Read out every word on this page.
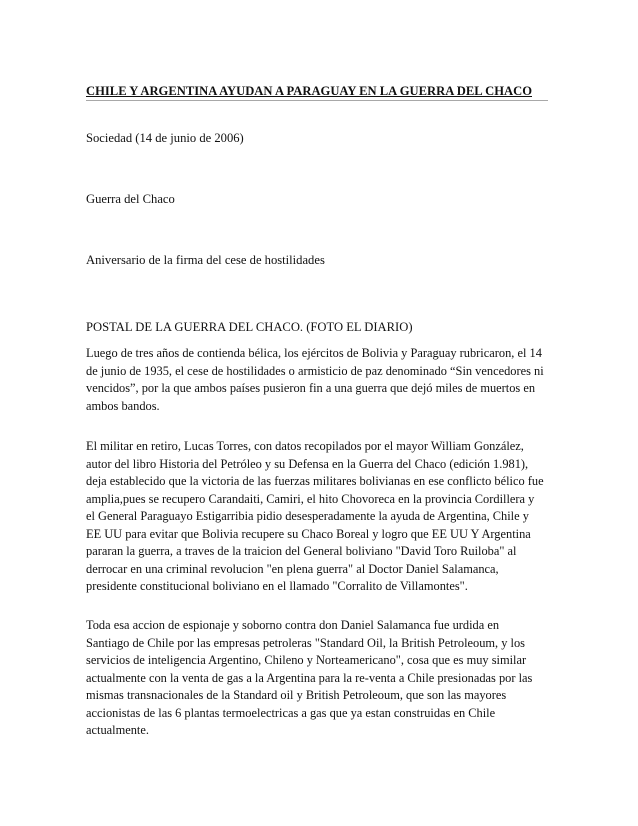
CHILE Y ARGENTINA AYUDAN A PARAGUAY EN LA GUERRA DEL CHACO
Sociedad (14 de junio de 2006)
Guerra del Chaco
Aniversario de la firma del cese de hostilidades
POSTAL DE LA GUERRA DEL CHACO. (FOTO EL DIARIO)
Luego de tres años de contienda bélica, los ejércitos de Bolivia y Paraguay rubricaron, el 14
de junio de 1935, el cese de hostilidades o armisticio de paz denominado “Sin vencedores ni
vencidos”, por la que ambos países pusieron fin a una guerra que dejó miles de muertos en
ambos bandos.
El militar en retiro, Lucas Torres, con datos recopilados por el mayor William González,
autor del libro Historia del Petróleo y su Defensa en la Guerra del Chaco (edición 1.981),
deja establecido que la victoria de las fuerzas militares bolivianas en ese conflicto bélico fue
amplia,pues se recupero Carandaiti, Camiri, el hito Chovoreca en la provincia Cordillera y
el General Paraguayo Estigarribia pidio desesperadamente la ayuda de Argentina, Chile y
EE UU para evitar que Bolivia recupere su Chaco Boreal y logro que EE UU Y Argentina
pararan la guerra, a traves de la traicion del General boliviano "David Toro Ruiloba" al
derrocar en una criminal revolucion "en plena guerra" al Doctor Daniel Salamanca,
presidente constitucional boliviano en el llamado "Corralito de Villamontes".
Toda esa accion de espionaje y soborno contra don Daniel Salamanca fue urdida en
Santiago de Chile por las empresas petroleras "Standard Oil, la British Petroleoum, y los
servicios de inteligencia Argentino, Chileno y Norteamericano", cosa que es muy similar
actualmente con la venta de gas a la Argentina para la re-venta a Chile presionadas por las
mismas transnacionales de la Standard oil y British Petroleoum, que son las mayores
accionistas de las 6 plantas termoelectricas a gas que ya estan construidas en Chile
actualmente.
